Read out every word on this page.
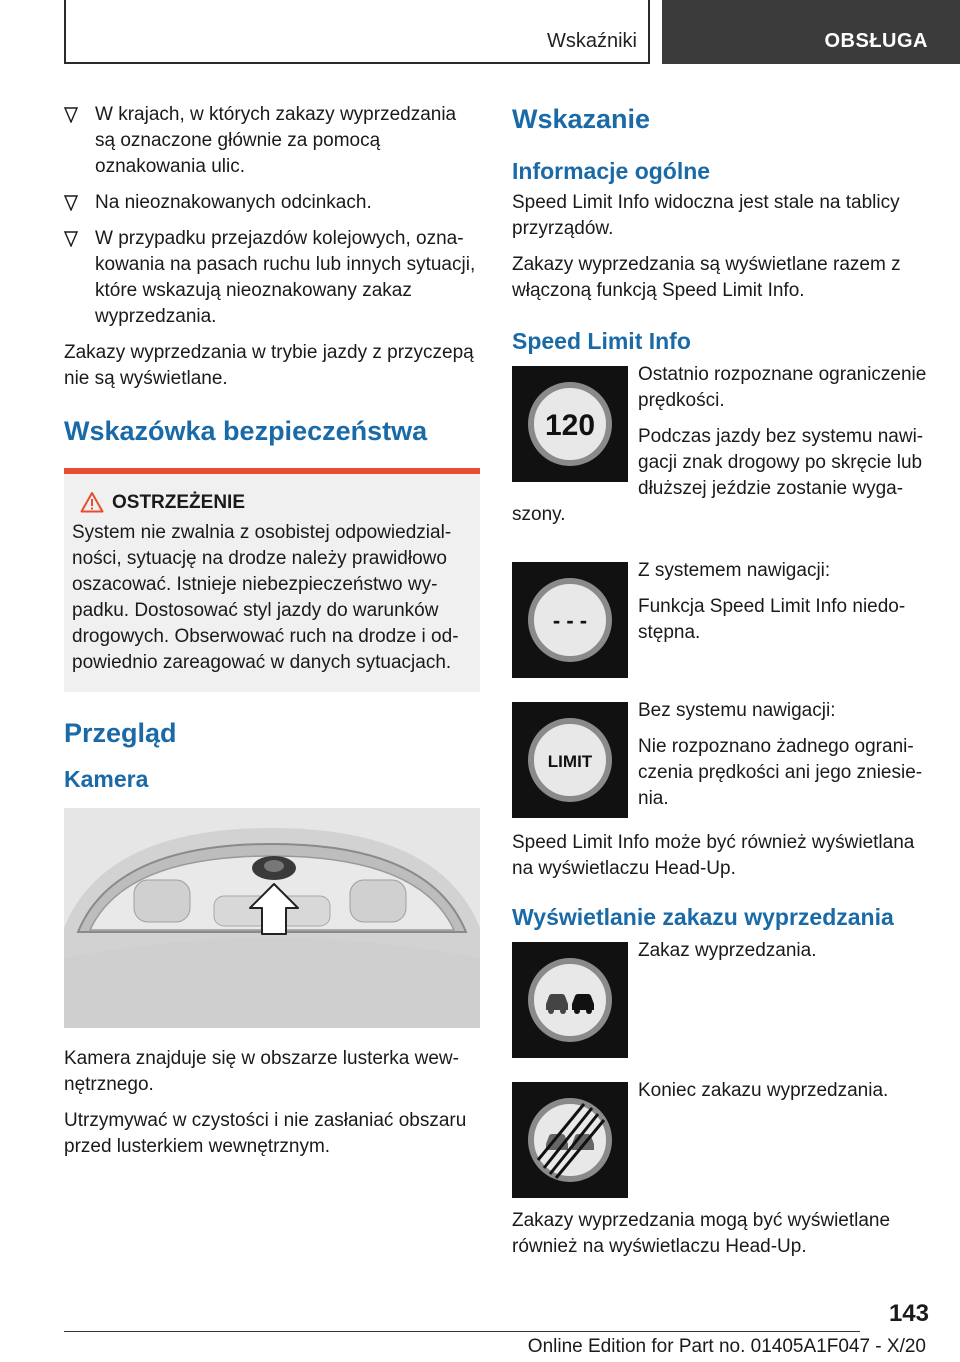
Wskaźniki	OBSŁUGA
W krajach, w których zakazy wyprzedzania są oznaczone głównie za pomocą oznakowania ulic.
Na nieoznakowanych odcinkach.
W przypadku przejazdów kolejowych, oznakowania na pasach ruchu lub innych sytuacji, które wskazują nieoznakowany zakaz wyprzedzania.

Zakazy wyprzedzania w trybie jazdy z przyczepą nie są wyświetlane.

Wskazówka bezpieczeństwa
OSTRZEŻENIE

System nie zwalnia z osobistej odpowiedzialności, sytuację na drodze należy prawidłowo oszacować. Istnieje niebezpieczeństwo wypadku. Dostosować styl jazdy do warunków drogowych. Obserwować ruch na drodze i odpowiednio zareagować w danych sytuacjach.

Przegląd
Kamera

Kamera znajduje się w obszarze lusterka wewnętrznego.

Utrzymywać w czystości i nie zasłaniać obszaru przed lusterkiem wewnętrznym.

Wskazanie
Informacje ogólne

Speed Limit Info widoczna jest stale na tablicy przyrządów.

Zakazy wyprzedzania są wyświetlane razem z włączoną funkcją Speed Limit Info.

Speed Limit Info
120

Ostatnio rozpoznane ograniczenie prędkości.

Podczas jazdy bez systemu nawigacji znak drogowy po skręcie lub dłuższej jeździe zostanie wygaszony.

- - -

Z systemem nawigacji:

Funkcja Speed Limit Info niedostępna.

LIMIT

Bez systemu nawigacji:

Nie rozpoznano żadnego ograniczenia prędkości ani jego zniesienia.

Speed Limit Info może być również wyświetlana na wyświetlaczu Head-Up.

Wyświetlanie zakazu wyprzedzania

Zakaz wyprzedzania.

Koniec zakazu wyprzedzania.

Zakazy wyprzedzania mogą być wyświetlane również na wyświetlaczu Head-Up.

143
Online Edition for Part no. 01405A1F047 - X/20
